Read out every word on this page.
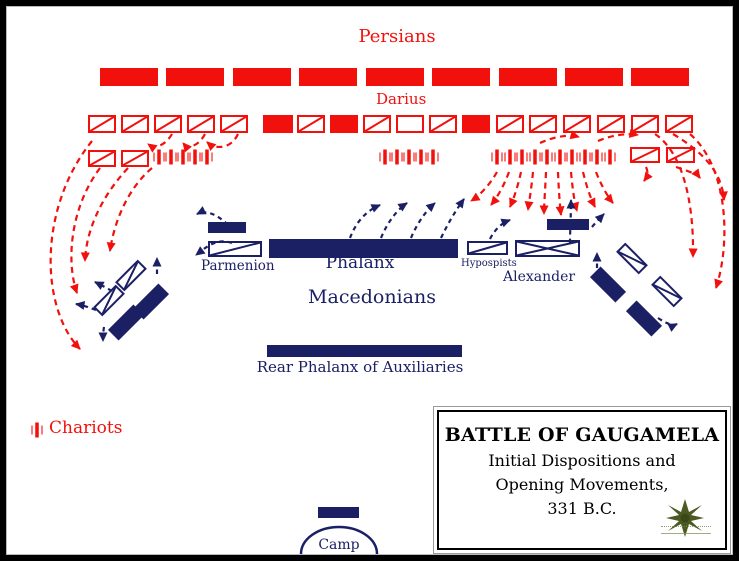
Persians
Darius
Parmenion	Phalanx	Hypospists
Alexander
Macedonians
Rear Phalanx of Auxiliaries
Chariots
Camp
BATTLE OF GAUGAMELA
Initial Dispositions and
Opening Movements,
331 B.C.
